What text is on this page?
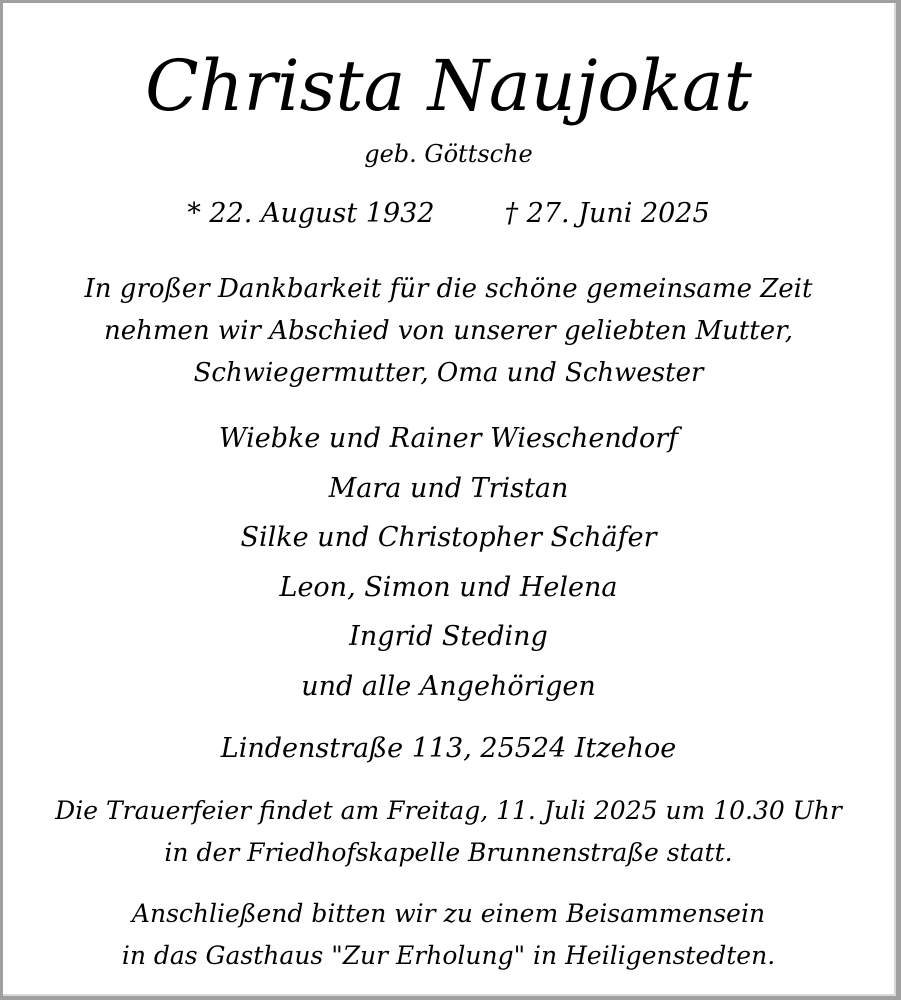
Christa Naujokat
geb. Göttsche
* 22. August 1932	† 27. Juni 2025
In großer Dankbarkeit für die schöne gemeinsame Zeit
nehmen wir Abschied von unserer geliebten Mutter,
Schwiegermutter, Oma und Schwester
Wiebke und Rainer Wieschendorf
Mara und Tristan
Silke und Christopher Schäfer
Leon, Simon und Helena
Ingrid Steding
und alle Angehörigen
Lindenstraße 113, 25524 Itzehoe
Die Trauerfeier findet am Freitag, 11. Juli 2025 um 10.30 Uhr
in der Friedhofskapelle Brunnenstraße statt.
Anschließend bitten wir zu einem Beisammensein
in das Gasthaus "Zur Erholung" in Heiligenstedten.
